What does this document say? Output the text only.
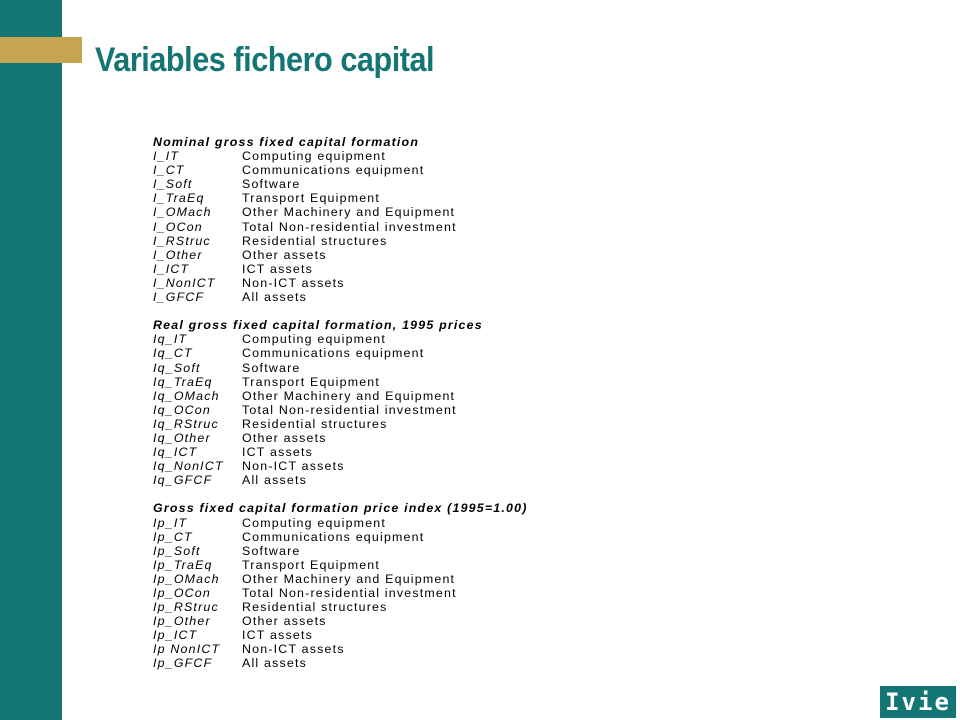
Variables fichero capital
Nominal gross fixed capital formation
I_IT	Computing equipment
I_CT	Communications equipment
I_Soft	Software
I_TraEq	Transport Equipment
I_OMach	Other Machinery and Equipment
I_OCon	Total Non-residential investment
I_RStruc	Residential structures
I_Other	Other assets
I_ICT	ICT assets
I_NonICT	Non-ICT assets
I_GFCF	All assets
Real gross fixed capital formation, 1995 prices
Iq_IT	Computing equipment
Iq_CT	Communications equipment
Iq_Soft	Software
Iq_TraEq	Transport Equipment
Iq_OMach	Other Machinery and Equipment
Iq_OCon	Total Non-residential investment
Iq_RStruc	Residential structures
Iq_Other	Other assets
Iq_ICT	ICT assets
Iq_NonICT	Non-ICT assets
Iq_GFCF	All assets
Gross fixed capital formation price index (1995=1.00)
Ip_IT	Computing equipment
Ip_CT	Communications equipment
Ip_Soft	Software
Ip_TraEq	Transport Equipment
Ip_OMach	Other Machinery and Equipment
Ip_OCon	Total Non-residential investment
Ip_RStruc	Residential structures
Ip_Other	Other assets
Ip_ICT	ICT assets
Ip NonICT	Non-ICT assets
Ip_GFCF	All assets
[ 11 ]	Ivie
